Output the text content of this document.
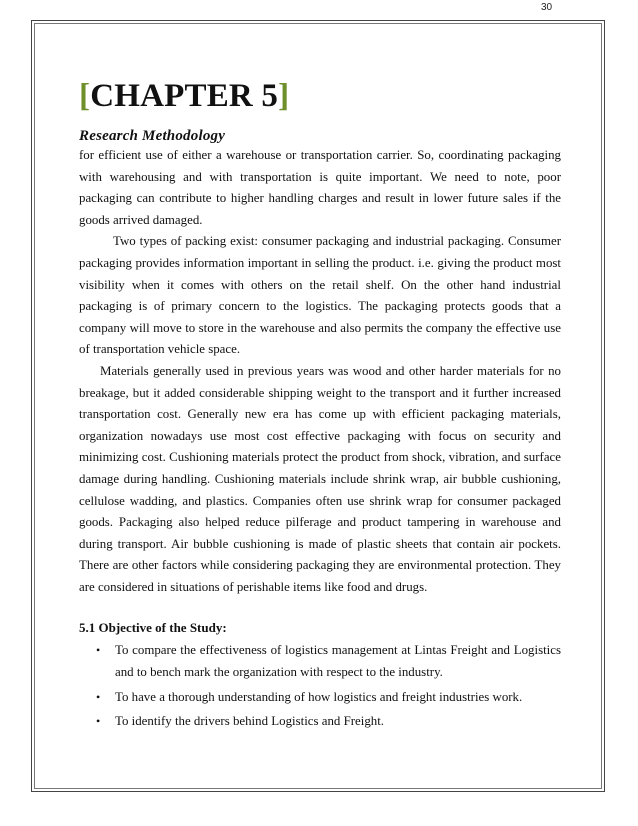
30
[CHAPTER 5]
Research Methodology

for efficient use of either a warehouse or transportation carrier. So, coordinating packaging with warehousing and with transportation is quite important. We need to note, poor packaging can contribute to higher handling charges and result in lower future sales if the goods arrived damaged.

Two types of packing exist: consumer packaging and industrial packaging. Consumer packaging provides information important in selling the product. i.e. giving the product most visibility when it comes with others on the retail shelf. On the other hand industrial packaging is of primary concern to the logistics. The packaging protects goods that a company will move to store in the warehouse and also permits the company the effective use of transportation vehicle space.

Materials generally used in previous years was wood and other harder materials for no breakage, but it added considerable shipping weight to the transport and it further increased transportation cost. Generally new era has come up with efficient packaging materials, organization nowadays use most cost effective packaging with focus on security and minimizing cost. Cushioning materials protect the product from shock, vibration, and surface damage during handling. Cushioning materials include shrink wrap, air bubble cushioning, cellulose wadding, and plastics. Companies often use shrink wrap for consumer packaged goods. Packaging also helped reduce pilferage and product tampering in warehouse and during transport. Air bubble cushioning is made of plastic sheets that contain air pockets. There are other factors while considering packaging they are environmental protection. They are considered in situations of perishable items like food and drugs.

5.1 Objective of the Study:
• To compare the effectiveness of logistics management at Lintas Freight and Logistics and to bench mark the organization with respect to the industry.
• To have a thorough understanding of how logistics and freight industries work.
• To identify the drivers behind Logistics and Freight.
